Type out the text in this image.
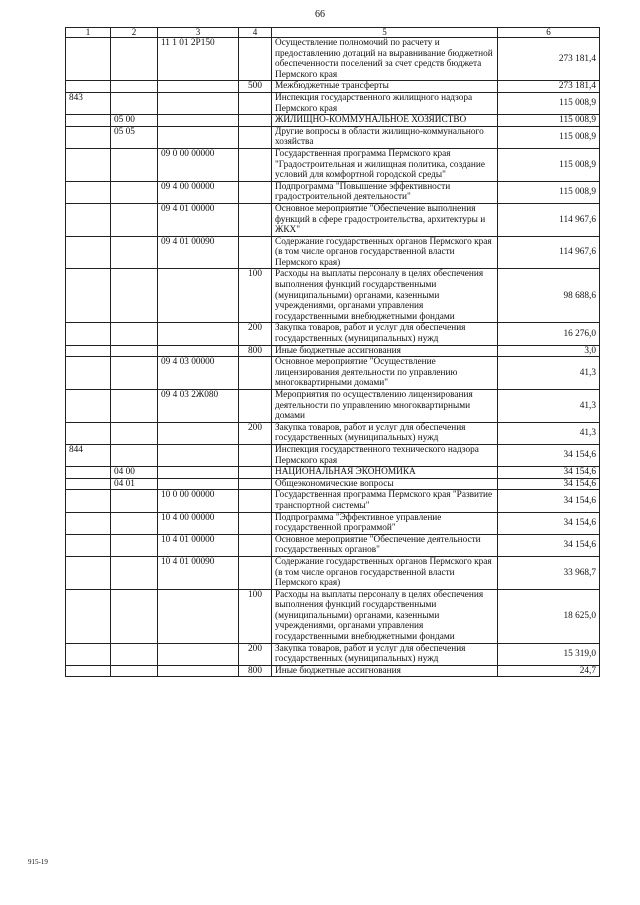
66
1	2	3	4	5	6
		11 1 01 2P150		Осуществление полномочий по расчету и предоставлению дотаций на выравнивание бюджетной обеспеченности поселений за счет средств бюджета Пермского края	273 181,4
			500	Межбюджетные трансферты	273 181,4
843				Инспекция государственного жилищного надзора Пермского края	115 008,9
	05 00			ЖИЛИЩНО-КОММУНАЛЬНОЕ ХОЗЯЙСТВО	115 008,9
	05 05			Другие вопросы в области жилищно-коммунального хозяйства	115 008,9
		09 0 00 00000		Государственная программа Пермского края "Градостроительная и жилищная политика, создание условий для комфортной городской среды"	115 008,9
		09 4 00 00000		Подпрограмма "Повышение эффективности градостроительной деятельности"	115 008,9
		09 4 01 00000		Основное мероприятие "Обеспечение выполнения функций в сфере градостроительства, архитектуры и ЖКХ"	114 967,6
		09 4 01 00090		Содержание государственных органов Пермского края (в том числе органов государственной власти Пермского края)	114 967,6
			100	Расходы на выплаты персоналу в целях обеспечения выполнения функций государственными (муниципальными) органами, казенными учреждениями, органами управления государственными внебюджетными фондами	98 688,6
			200	Закупка товаров, работ и услуг для обеспечения государственных (муниципальных) нужд	16 276,0
			800	Иные бюджетные ассигнования	3,0
		09 4 03 00000		Основное мероприятие "Осуществление лицензирования деятельности по управлению многоквартирными домами"	41,3
		09 4 03 2Ж080		Мероприятия по осуществлению лицензирования деятельности по управлению многоквартирными домами	41,3
			200	Закупка товаров, работ и услуг для обеспечения государственных (муниципальных) нужд	41,3
844				Инспекция государственного технического надзора Пермского края	34 154,6
	04 00			НАЦИОНАЛЬНАЯ ЭКОНОМИКА	34 154,6
	04 01			Общеэкономические вопросы	34 154,6
		10 0 00 00000		Государственная программа Пермского края "Развитие транспортной системы"	34 154,6
		10 4 00 00000		Подпрограмма "Эффективное управление государственной программой"	34 154,6
		10 4 01 00000		Основное мероприятие "Обеспечение деятельности государственных органов"	34 154,6
		10 4 01 00090		Содержание государственных органов Пермского края (в том числе органов государственной власти Пермского края)	33 968,7
			100	Расходы на выплаты персоналу в целях обеспечения выполнения функций государственными (муниципальными) органами, казенными учреждениями, органами управления государственными внебюджетными фондами	18 625,0
			200	Закупка товаров, работ и услуг для обеспечения государственных (муниципальных) нужд	15 319,0
			800	Иные бюджетные ассигнования	24,7
915-19
